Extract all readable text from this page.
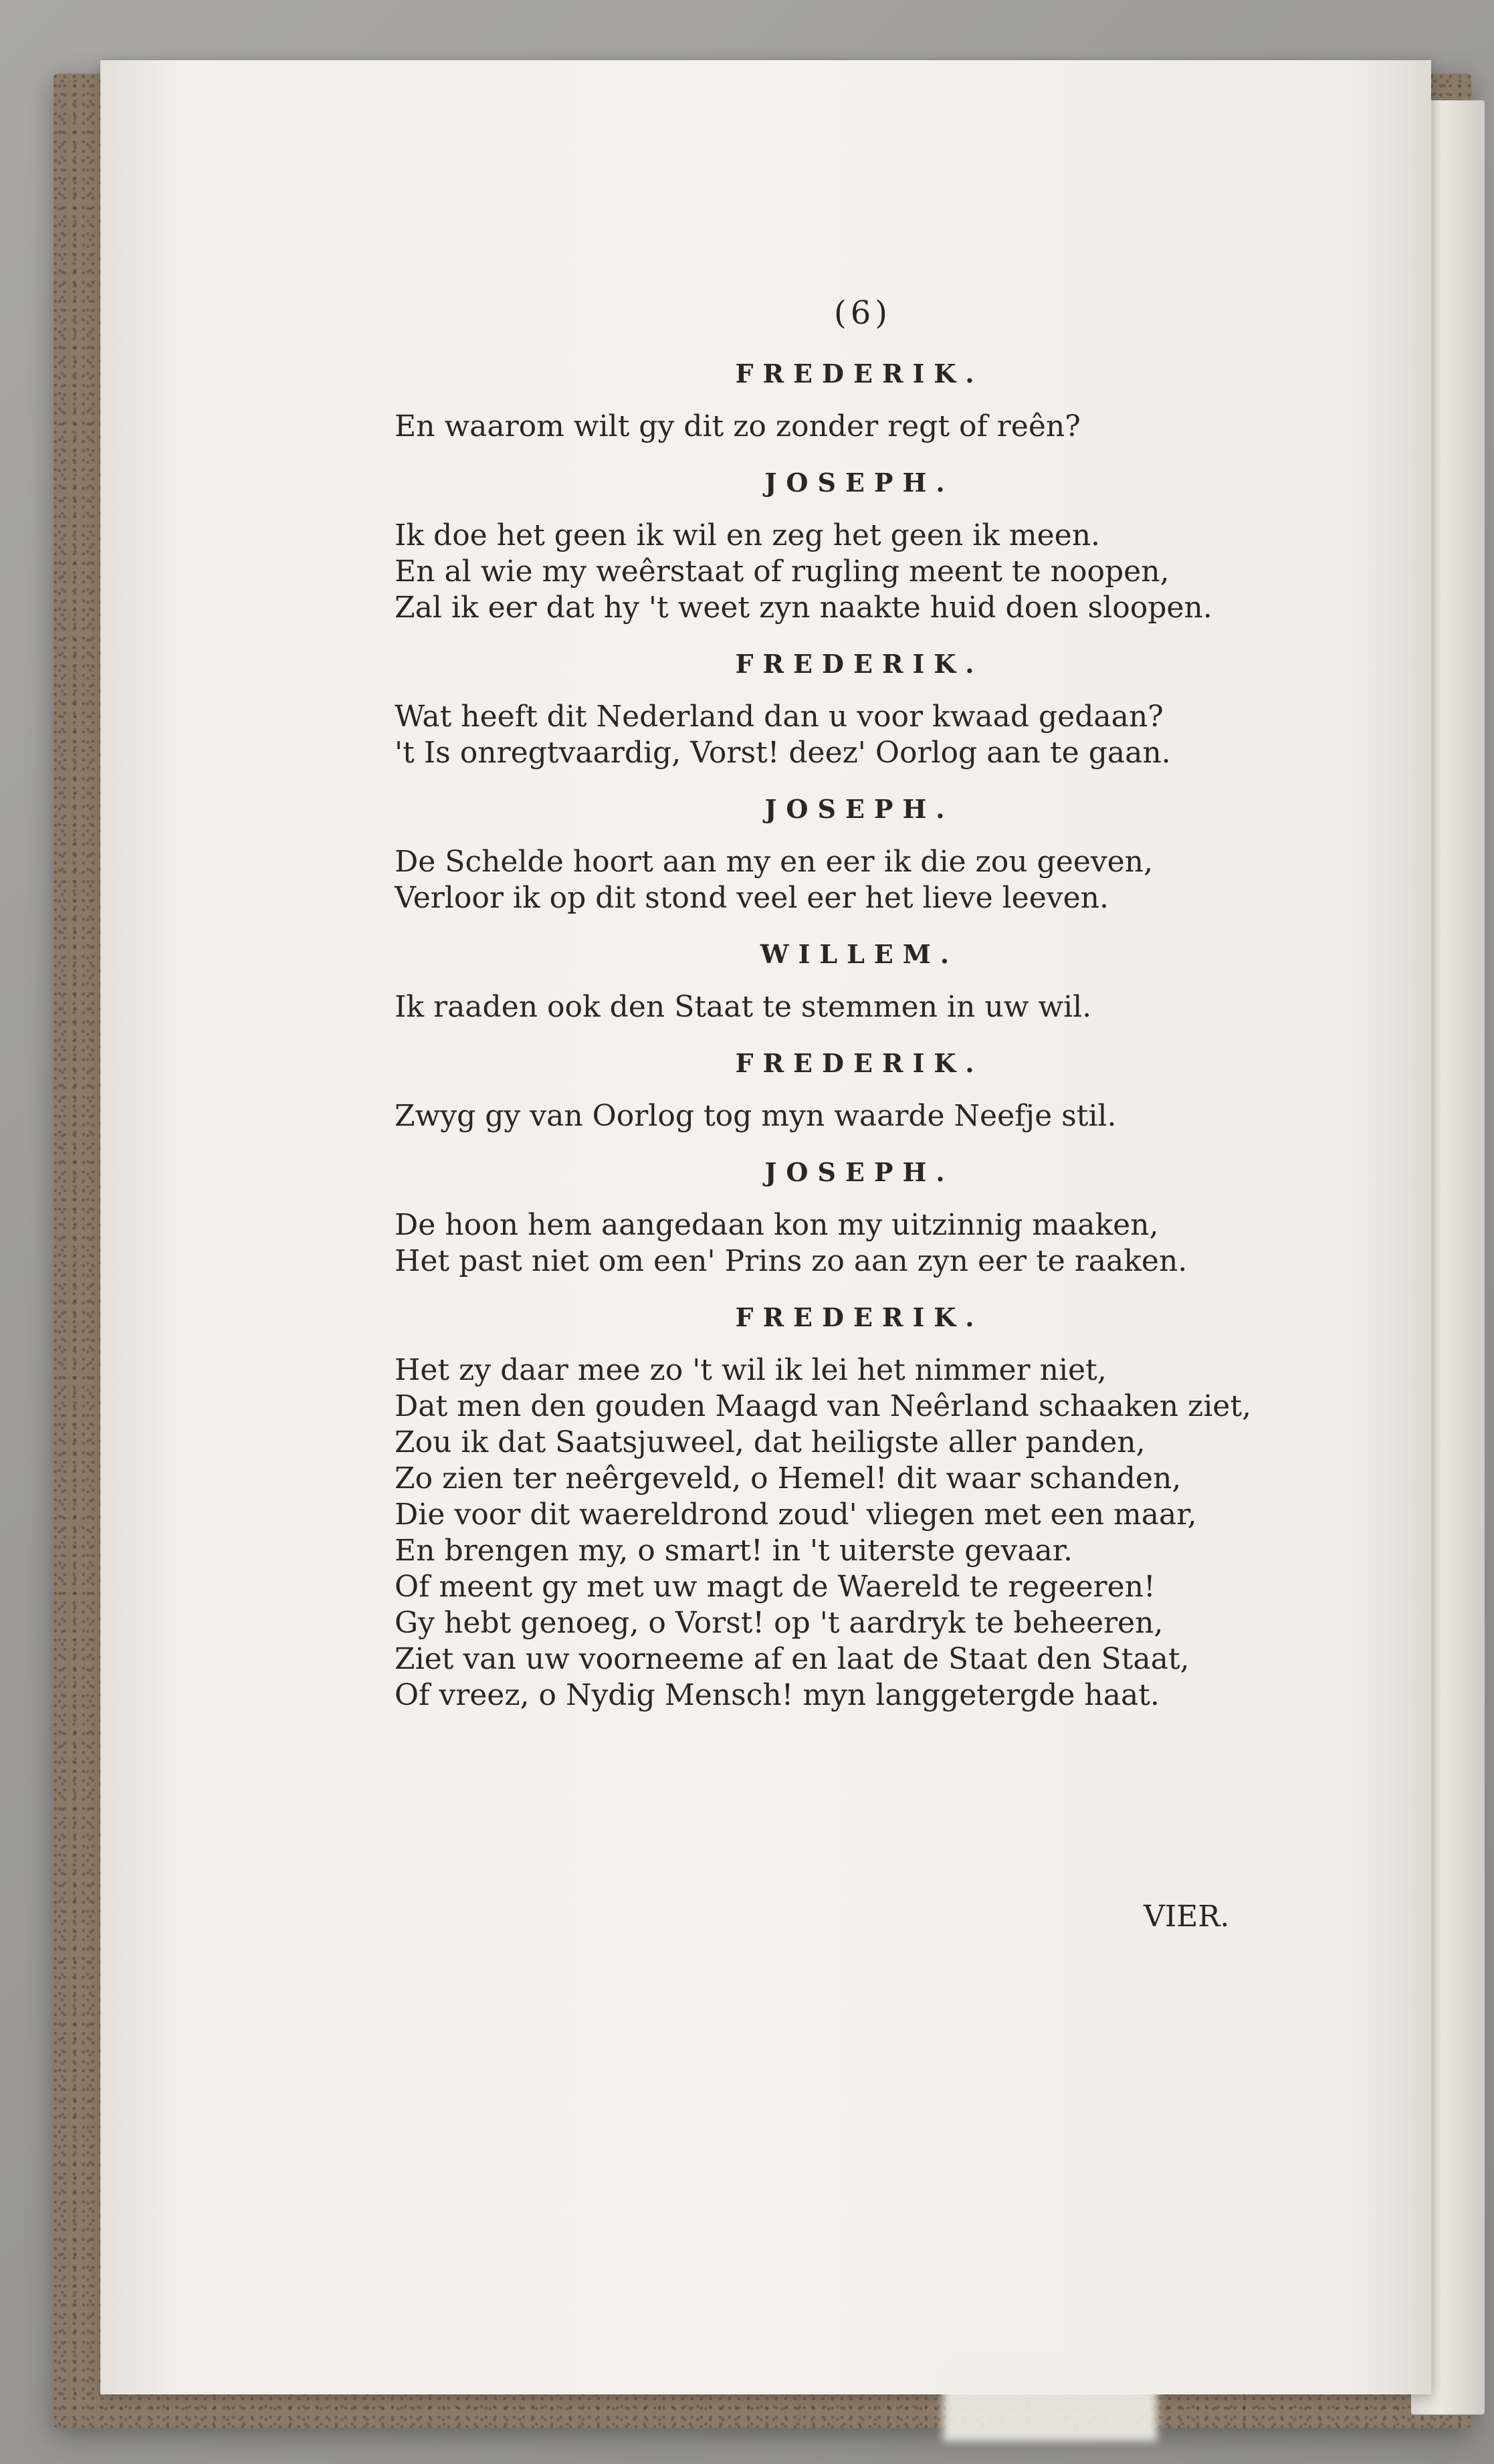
(6)
FREDERIK.
En waarom wilt gy dit zo zonder regt of reên?
JOSEPH.
Ik doe het geen ik wil en zeg het geen ik meen.
En al wie my weêrstaat of rugling meent te noopen,
Zal ik eer dat hy 't weet zyn naakte huid doen sloopen.
FREDERIK.
Wat heeft dit Nederland dan u voor kwaad gedaan?
't Is onregtvaardig, Vorst! deez' Oorlog aan te gaan.
JOSEPH.
De Schelde hoort aan my en eer ik die zou geeven,
Verloor ik op dit stond veel eer het lieve leeven.
WILLEM.
Ik raaden ook den Staat te stemmen in uw wil.
FREDERIK.
Zwyg gy van Oorlog tog myn waarde Neefje stil.
JOSEPH.
De hoon hem aangedaan kon my uitzinnig maaken,
Het past niet om een' Prins zo aan zyn eer te raaken.
FREDERIK.
Het zy daar mee zo 't wil ik lei het nimmer niet,
Dat men den gouden Maagd van Neêrland schaaken ziet,
Zou ik dat Saatsjuweel, dat heiligste aller panden,
Zo zien ter neêrgeveld, o Hemel! dit waar schanden,
Die voor dit waereldrond zoud' vliegen met een maar,
En brengen my, o smart! in 't uiterste gevaar.
Of meent gy met uw magt de Waereld te regeeren!
Gy hebt genoeg, o Vorst! op 't aardryk te beheeren,
Ziet van uw voorneeme af en laat de Staat den Staat,
Of vreez, o Nydig Mensch! myn langgetergde haat.
VIER.
